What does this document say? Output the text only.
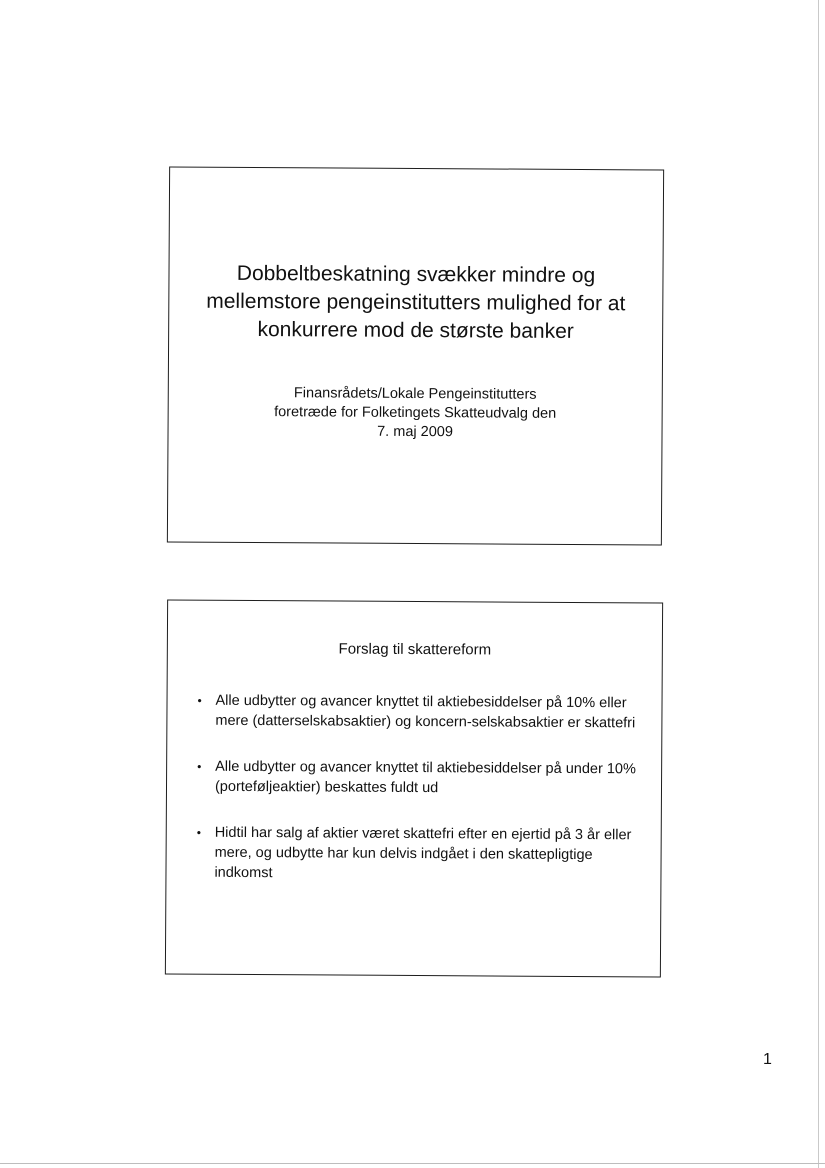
Dobbeltbeskatning svækker mindre og mellemstore pengeinstitutters mulighed for at konkurrere mod de største banker
Finansrådets/Lokale Pengeinstitutters
foretræde for Folketingets Skatteudvalg den
7. maj 2009
Forslag til skattereform
• Alle udbytter og avancer knyttet til aktiebesiddelser på 10% eller mere (datterselskabsaktier) og koncern-selskabsaktier er skattefri
• Alle udbytter og avancer knyttet til aktiebesiddelser på under 10% (porteføljeaktier) beskattes fuldt ud
• Hidtil har salg af aktier været skattefri efter en ejertid på 3 år eller mere, og udbytte har kun delvis indgået i den skattepligtige indkomst
1
